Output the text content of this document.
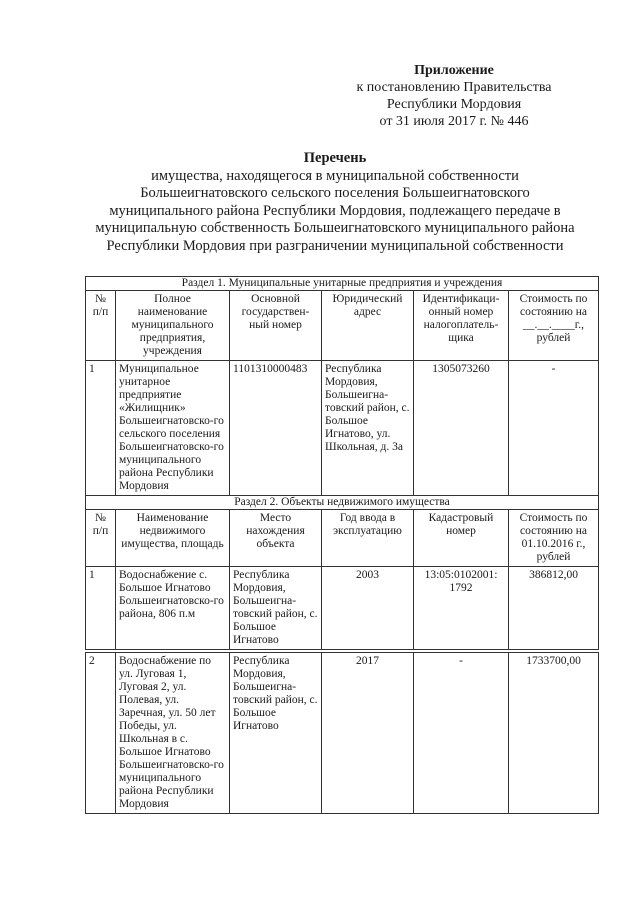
Приложение
к постановлению Правительства
Республики Мордовия
от 31 июля 2017 г. № 446
Перечень
имущества, находящегося в муниципальной собственности
Большеигнатовского сельского поселения Большеигнатовского
муниципального района Республики Мордовия, подлежащего передаче в
муниципальную собственность Большеигнатовского муниципального района
Республики Мордовия при разграничении муниципальной собственности
Раздел 1. Муниципальные унитарные предприятия и учреждения					
№ п/п	Полное наименование муниципального предприятия, учреждения	Основной государствен-ный номер	Юридический адрес	Идентификаци-онный номер налогоплатель-щика	Стоимость по состоянию на __.__.____г., рублей
1	Муниципальное унитарное предприятие «Жилищник» Большеигнатовско-го сельского поселения Большеигнатовско-го муниципального района Республики Мордовия	1101310000483	Республика Мордовия, Большеигна-товский район, с. Большое Игнатово, ул. Школьная, д. 3а	1305073260	-
Раздел 2. Объекты недвижимого имущества					
№ п/п	Наименование недвижимого имущества, площадь	Место нахождения объекта	Год ввода в эксплуатацию	Кадастровый номер	Стоимость по состоянию на 01.10.2016 г., рублей
1	Водоснабжение с. Большое Игнатово Большеигнатовско-го района, 806 п.м	Республика Мордовия, Большеигна-товский район, с. Большое Игнатово	2003	13:05:0102001: 1792	386812,00

2	Водоснабжение по ул. Луговая 1, Луговая 2, ул. Полевая, ул. Заречная, ул. 50 лет Победы, ул. Школьная в с. Большое Игнатово Большеигнатовско-го муниципального района Республики Мордовия	Республика Мордовия, Большеигна-товский район, с. Большое Игнатово	2017	-	1733700,00
